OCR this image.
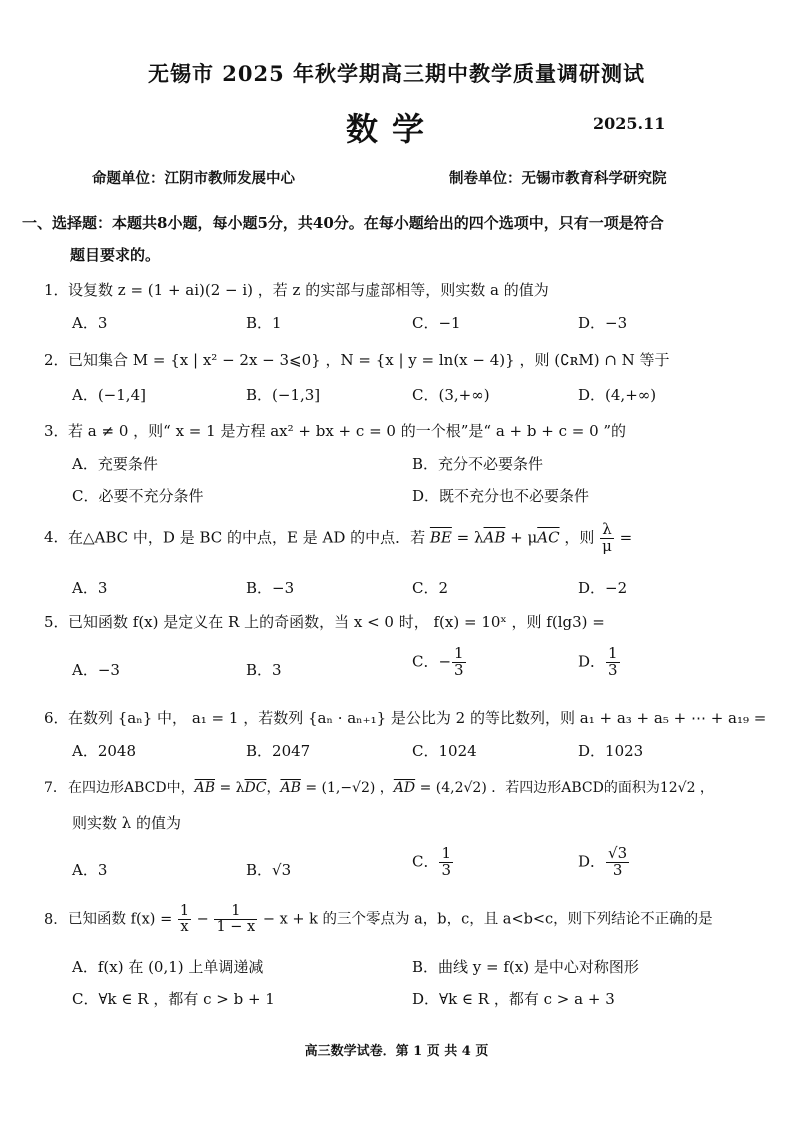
无锡市 2025 年秋学期高三期中教学质量调研测试
数学	2025.11
命题单位：江阴市教师发展中心	制卷单位：无锡市教育科学研究院
一、选择题：本题共8小题，每小题5分，共40分。在每小题给出的四个选项中，只有一项是符合
题目要求的。
1．设复数 z = (1 + ai)(2 − i) ，若 z 的实部与虚部相等，则实数 a 的值为
A．3	B．1	C．−1	D．−3
2．已知集合 M = {x | x² − 2x − 3⩽0} ，N = {x | y = ln(x − 4)} ，则 (∁ʀM) ∩ N 等于
A．(−1,4]	B．(−1,3]	C．(3,+∞)	D．(4,+∞)
3．若 a ≠ 0 ，则“ x = 1 是方程 ax² + bx + c = 0 的一个根”是“ a + b + c = 0 ”的
A．充要条件	B．充分不必要条件
C．必要不充分条件	D．既不充分也不必要条件
4．在△ABC 中，D 是 BC 的中点，E 是 AD 的中点．若 $\overline{BE} = \lambda\overline{AB} + \mu\overline{AC}$ ，则 $\frac{\lambda}{\mu}$ =
A．3	B．−3	C．2	D．−2
5．已知函数 f(x) 是定义在 R 上的奇函数，当 x < 0 时， f(x) = 10ˣ ，则 f(lg3) =
A．−3	B．3	C．− $\frac{1}{3}$	D． $\frac{1}{3}$
6．在数列 {aₙ} 中， a₁ = 1 ，若数列 {aₙ · aₙ₊₁} 是公比为 2 的等比数列，则 a₁ + a₃ + a₅ + ⋯ + a₁₉ =
A．2048	B．2047	C．1024	D．1023
7．在四边形ABCD中，$\overline{AB} = \lambda\overline{DC}$，$\overline{AB} = (1,-√2)$ ，$\overline{AD} = (4,2√2)$ ．若四边形ABCD的面积为12√2 ，
则实数 λ 的值为
A．3	B．√3	C． $\frac{1}{3}$	D． $\frac{√3}{3}$
8．已知函数 $f(x) = \frac{1}{x} - \frac{1}{1 - x} - x + k$ 的三个零点为 a，b，c，且 a<b<c，则下列结论不正确的是
A．f(x) 在 (0,1) 上单调递减	B．曲线 y = f(x) 是中心对称图形
C．∀k ∈ R ，都有 c > b + 1	D．∀k ∈ R ，都有 c > a + 3
高三数学试卷．第 1 页 共 4 页
